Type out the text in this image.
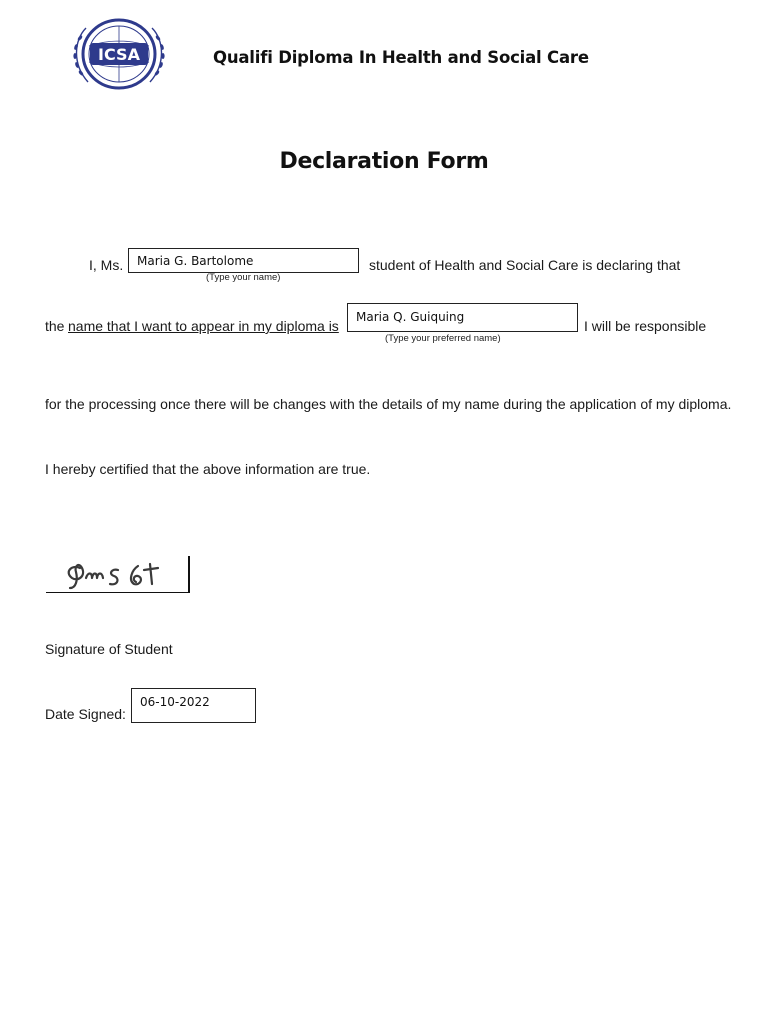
ICSA	Qualifi Diploma In Health and Social Care
Declaration Form
I, Ms.	Maria G. Bartolome
(Type your name)
student of Health and Social Care is declaring that
the name that I want to appear in my diploma is
Maria Q. Guiquing
(Type your preferred name)
I will be responsible
for the processing once there will be changes with the details of my name during the application of my diploma.
I hereby certified that the above information are true.
Signature of Student
Date Signed:
06-10-2022
